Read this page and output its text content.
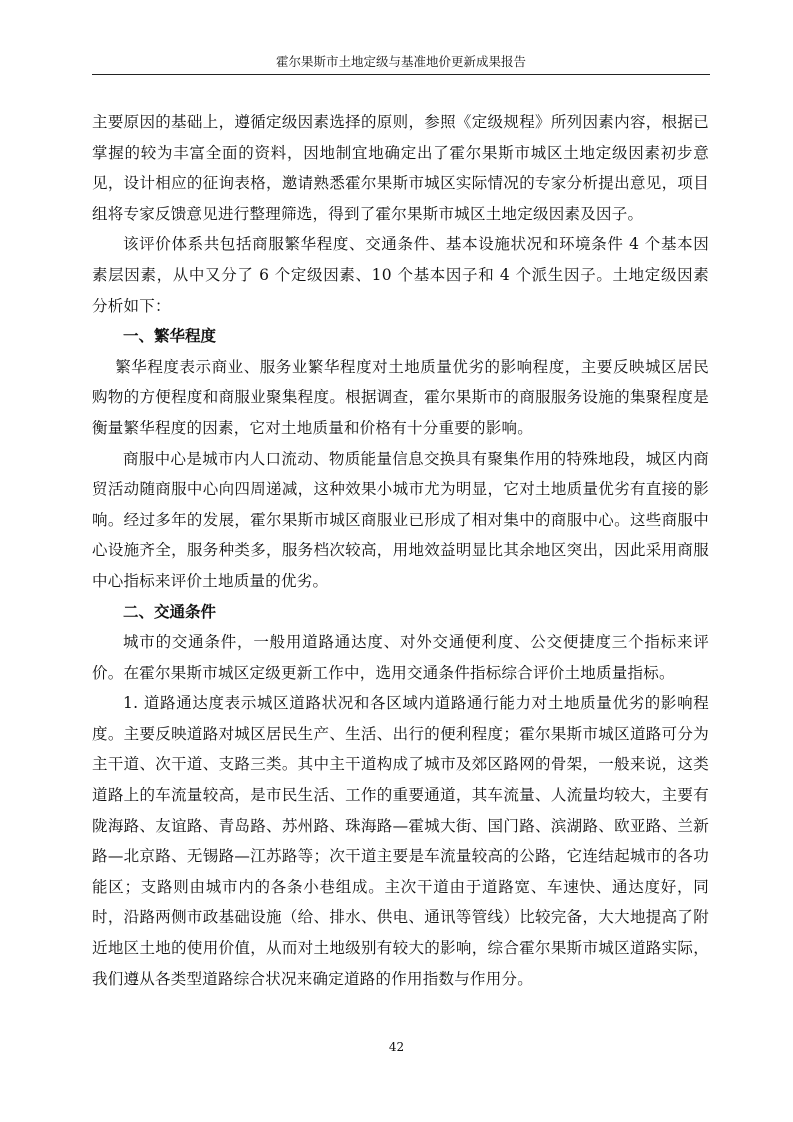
霍尔果斯市土地定级与基准地价更新成果报告

主要原因的基础上，遵循定级因素选择的原则，参照《定级规程》所列因素内容，根据已掌握的较为丰富全面的资料，因地制宜地确定出了霍尔果斯市城区土地定级因素初步意见，设计相应的征询表格，邀请熟悉霍尔果斯市城区实际情况的专家分析提出意见，项目组将专家反馈意见进行整理筛选，得到了霍尔果斯市城区土地定级因素及因子。

该评价体系共包括商服繁华程度、交通条件、基本设施状况和环境条件 4 个基本因素层因素，从中又分了 6 个定级因素、10 个基本因子和 4 个派生因子。土地定级因素分析如下：

一、繁华程度

繁华程度表示商业、服务业繁华程度对土地质量优劣的影响程度，主要反映城区居民购物的方便程度和商服业聚集程度。根据调查，霍尔果斯市的商服服务设施的集聚程度是衡量繁华程度的因素，它对土地质量和价格有十分重要的影响。

商服中心是城市内人口流动、物质能量信息交换具有聚集作用的特殊地段，城区内商贸活动随商服中心向四周递减，这种效果小城市尤为明显，它对土地质量优劣有直接的影响。经过多年的发展，霍尔果斯市城区商服业已形成了相对集中的商服中心。这些商服中心设施齐全，服务种类多，服务档次较高，用地效益明显比其余地区突出，因此采用商服中心指标来评价土地质量的优劣。

二、交通条件

城市的交通条件，一般用道路通达度、对外交通便利度、公交便捷度三个指标来评价。在霍尔果斯市城区定级更新工作中，选用交通条件指标综合评价土地质量指标。

1. 道路通达度表示城区道路状况和各区域内道路通行能力对土地质量优劣的影响程度。主要反映道路对城区居民生产、生活、出行的便利程度；霍尔果斯市城区道路可分为主干道、次干道、支路三类。其中主干道构成了城市及郊区路网的骨架，一般来说，这类道路上的车流量较高，是市民生活、工作的重要通道，其车流量、人流量均较大，主要有陇海路、友谊路、青岛路、苏州路、珠海路—霍城大街、国门路、滨湖路、欧亚路、兰新路—北京路、无锡路—江苏路等；次干道主要是车流量较高的公路，它连结起城市的各功能区；支路则由城市内的各条小巷组成。主次干道由于道路宽、车速快、通达度好，同时，沿路两侧市政基础设施（给、排水、供电、通讯等管线）比较完备，大大地提高了附近地区土地的使用价值，从而对土地级别有较大的影响，综合霍尔果斯市城区道路实际，我们遵从各类型道路综合状况来确定道路的作用指数与作用分。

42
